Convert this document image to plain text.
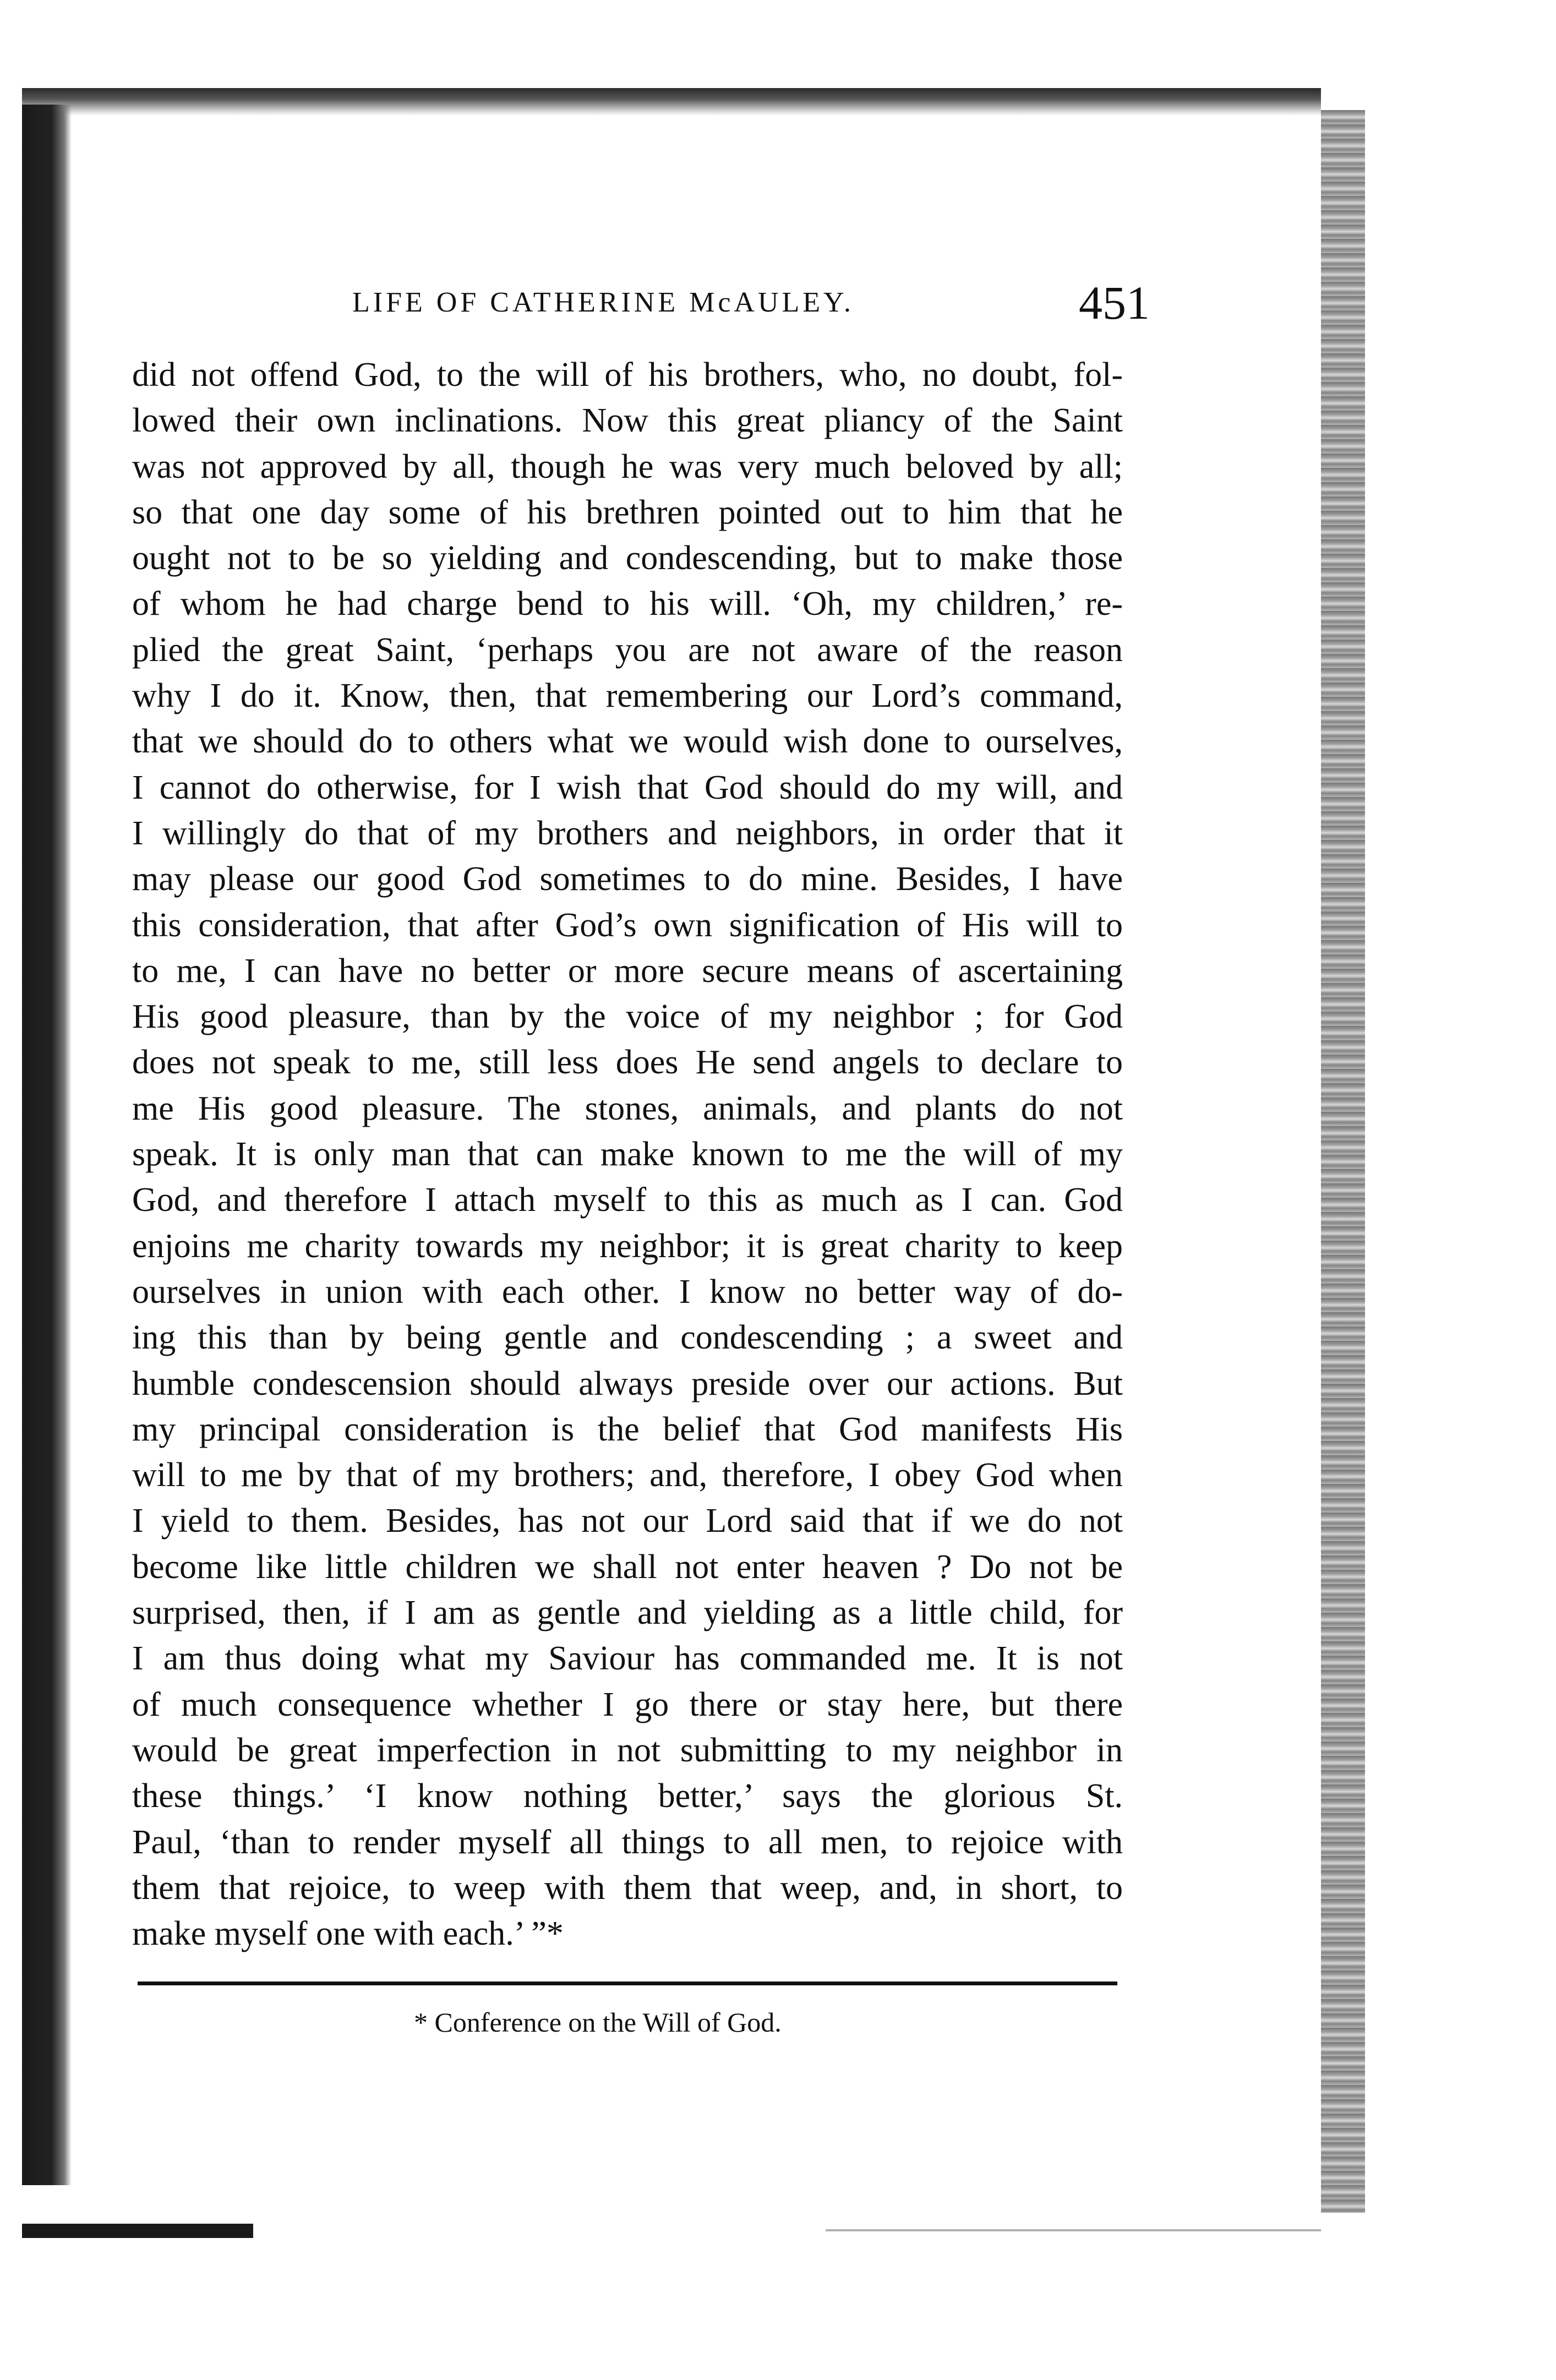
LIFE OF CATHERINE McAULEY.	451
did not offend God, to the will of his brothers, who, no doubt, fol-
lowed their own inclinations. Now this great pliancy of the Saint
was not approved by all, though he was very much beloved by all;
so that one day some of his brethren pointed out to him that he
ought not to be so yielding and condescending, but to make those
of whom he had charge bend to his will. ‘Oh, my children,’ re-
plied the great Saint, ‘perhaps you are not aware of the reason
why I do it. Know, then, that remembering our Lord’s command,
that we should do to others what we would wish done to ourselves,
I cannot do otherwise, for I wish that God should do my will, and
I willingly do that of my brothers and neighbors, in order that it
may please our good God sometimes to do mine. Besides, I have
this consideration, that after God’s own signification of His will to
to me, I can have no better or more secure means of ascertaining
His good pleasure, than by the voice of my neighbor ; for God
does not speak to me, still less does He send angels to declare to
me His good pleasure. The stones, animals, and plants do not
speak. It is only man that can make known to me the will of my
God, and therefore I attach myself to this as much as I can. God
enjoins me charity towards my neighbor; it is great charity to keep
ourselves in union with each other. I know no better way of do-
ing this than by being gentle and condescending ; a sweet and
humble condescension should always preside over our actions. But
my principal consideration is the belief that God manifests His
will to me by that of my brothers; and, therefore, I obey God when
I yield to them. Besides, has not our Lord said that if we do not
become like little children we shall not enter heaven ? Do not be
surprised, then, if I am as gentle and yielding as a little child, for
I am thus doing what my Saviour has commanded me. It is not
of much consequence whether I go there or stay here, but there
would be great imperfection in not submitting to my neighbor in
these things.’ ‘I know nothing better,’ says the glorious St.
Paul, ‘than to render myself all things to all men, to rejoice with
them that rejoice, to weep with them that weep, and, in short, to
make myself one with each.’ ”*
* Conference on the Will of God.
